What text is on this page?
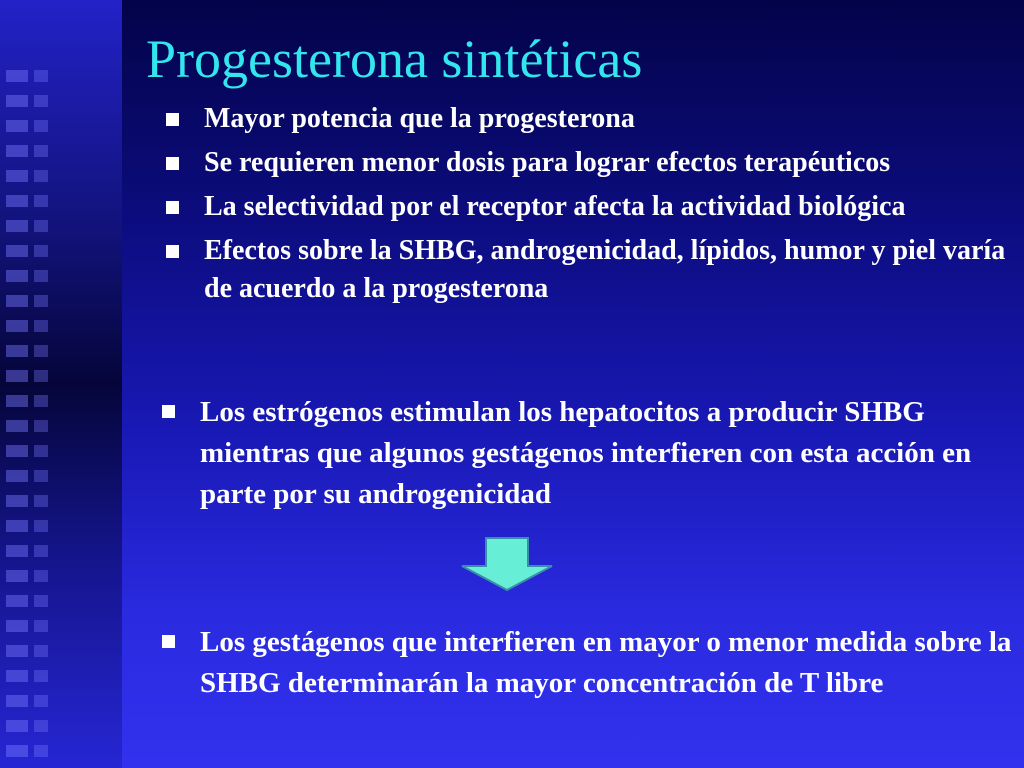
Progesterona sintéticas
Mayor potencia que la progesterona
Se requieren menor dosis para lograr efectos terapéuticos
La selectividad por el receptor afecta la actividad biológica
Efectos sobre la SHBG, androgenicidad, lípidos, humor y piel varía de acuerdo a la progesterona
Los estrógenos estimulan los hepatocitos a producir SHBG mientras que algunos gestágenos interfieren con esta acción en parte por su androgenicidad
Los gestágenos que interfieren en mayor o menor medida sobre la SHBG determinarán la mayor concentración de T libre
